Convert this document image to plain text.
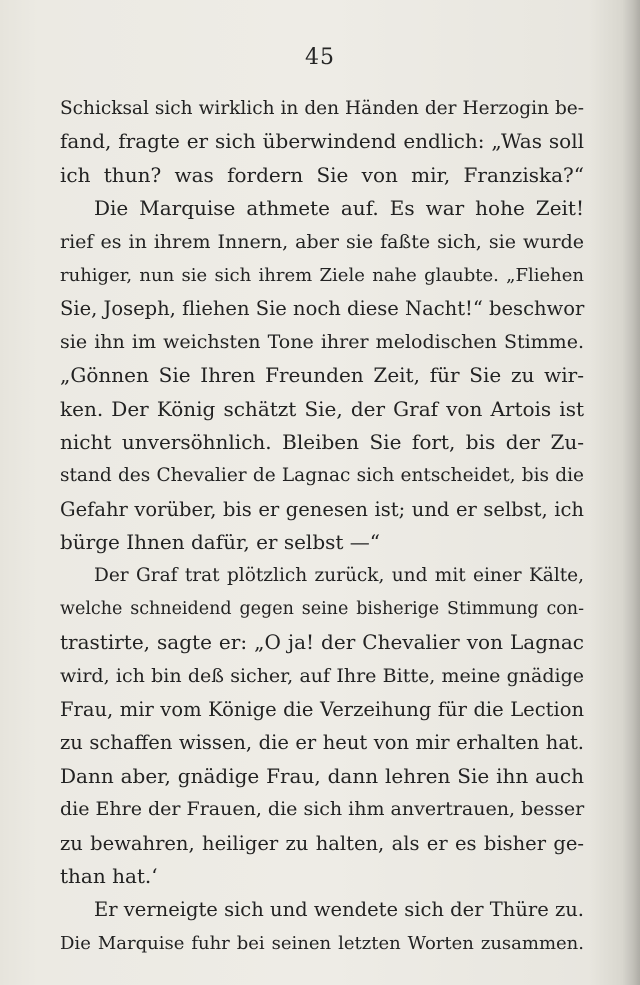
45
Schicksal sich wirklich in den Händen der Herzogin be-
fand, fragte er sich überwindend endlich: „Was soll
ich thun? was fordern Sie von mir, Franziska?“
Die Marquise athmete auf. Es war hohe Zeit!
rief es in ihrem Innern, aber sie faßte sich, sie wurde
ruhiger, nun sie sich ihrem Ziele nahe glaubte. „Fliehen
Sie, Joseph, fliehen Sie noch diese Nacht!“ beschwor
sie ihn im weichsten Tone ihrer melodischen Stimme.
„Gönnen Sie Ihren Freunden Zeit, für Sie zu wir-
ken. Der König schätzt Sie, der Graf von Artois ist
nicht unversöhnlich. Bleiben Sie fort, bis der Zu-
stand des Chevalier de Lagnac sich entscheidet, bis die
Gefahr vorüber, bis er genesen ist; und er selbst, ich
bürge Ihnen dafür, er selbst —“
Der Graf trat plötzlich zurück, und mit einer Kälte,
welche schneidend gegen seine bisherige Stimmung con-
trastirte, sagte er: „O ja! der Chevalier von Lagnac
wird, ich bin deß sicher, auf Ihre Bitte, meine gnädige
Frau, mir vom Könige die Verzeihung für die Lection
zu schaffen wissen, die er heut von mir erhalten hat.
Dann aber, gnädige Frau, dann lehren Sie ihn auch
die Ehre der Frauen, die sich ihm anvertrauen, besser
zu bewahren, heiliger zu halten, als er es bisher ge-
than hat.‘
Er verneigte sich und wendete sich der Thüre zu.
Die Marquise fuhr bei seinen letzten Worten zusammen.
